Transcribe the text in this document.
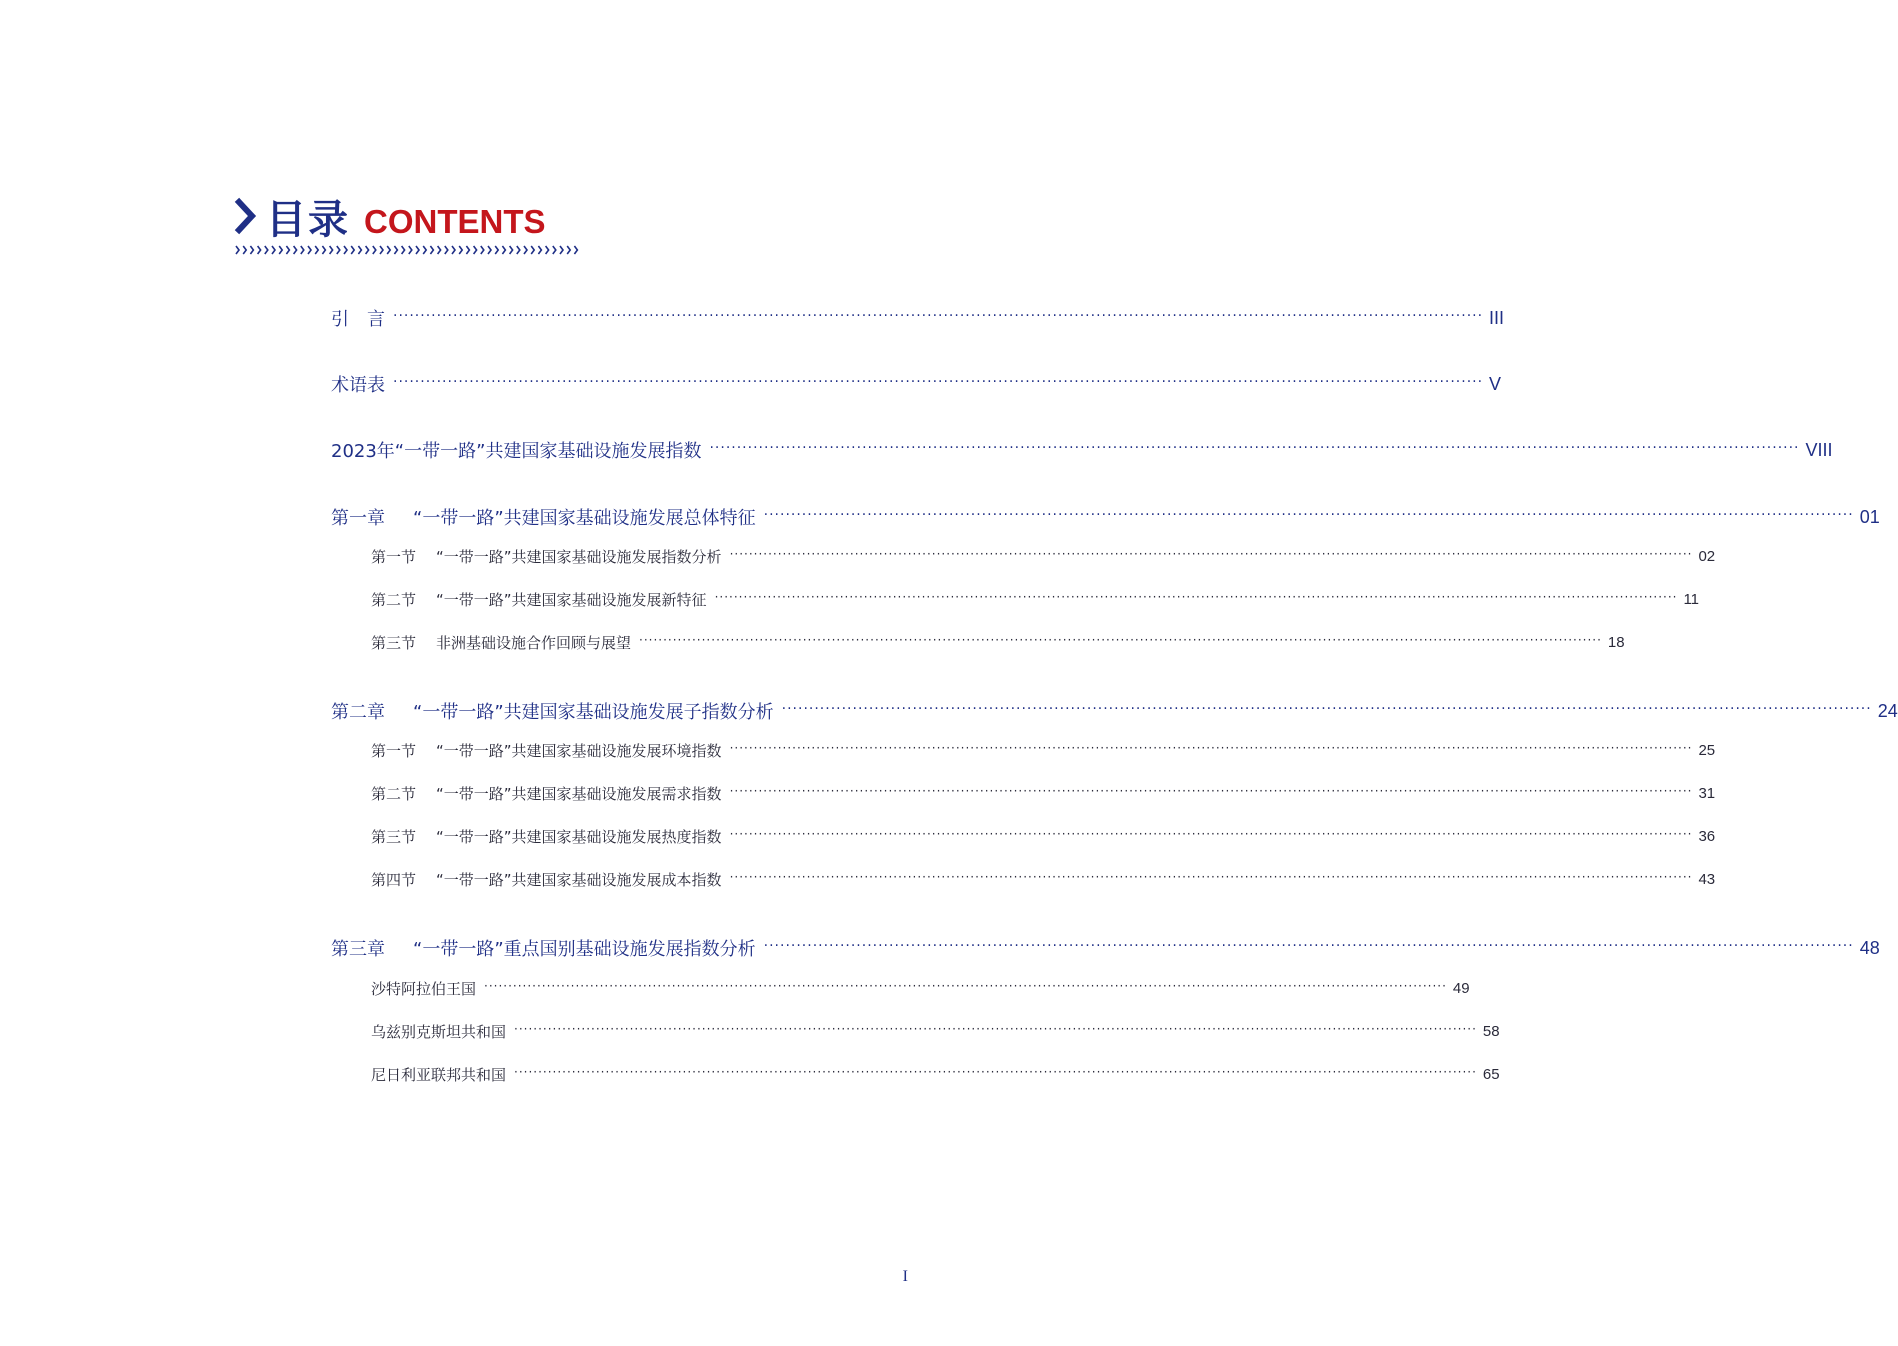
目录 CONTENTS
引　言 ········································································································································································································ III
术语表 ········································································································································································································ V
2023年“一带一路”共建国家基础设施发展指数 ········································································································································································································ VIII
第一章 “一带一路”共建国家基础设施发展总体特征 ········································································································································································································ 01
第一节 “一带一路”共建国家基础设施发展指数分析 ········································································································································································································ 02
第二节 “一带一路”共建国家基础设施发展新特征 ········································································································································································································ 11
第三节 非洲基础设施合作回顾与展望 ········································································································································································································ 18
第二章 “一带一路”共建国家基础设施发展子指数分析 ········································································································································································································ 24
第一节 “一带一路”共建国家基础设施发展环境指数 ········································································································································································································ 25
第二节 “一带一路”共建国家基础设施发展需求指数 ········································································································································································································ 31
第三节 “一带一路”共建国家基础设施发展热度指数 ········································································································································································································ 36
第四节 “一带一路”共建国家基础设施发展成本指数 ········································································································································································································ 43
第三章 “一带一路”重点国别基础设施发展指数分析 ········································································································································································································ 48
沙特阿拉伯王国 ········································································································································································································ 49
乌兹别克斯坦共和国 ········································································································································································································ 58
尼日利亚联邦共和国 ········································································································································································································ 65
I
